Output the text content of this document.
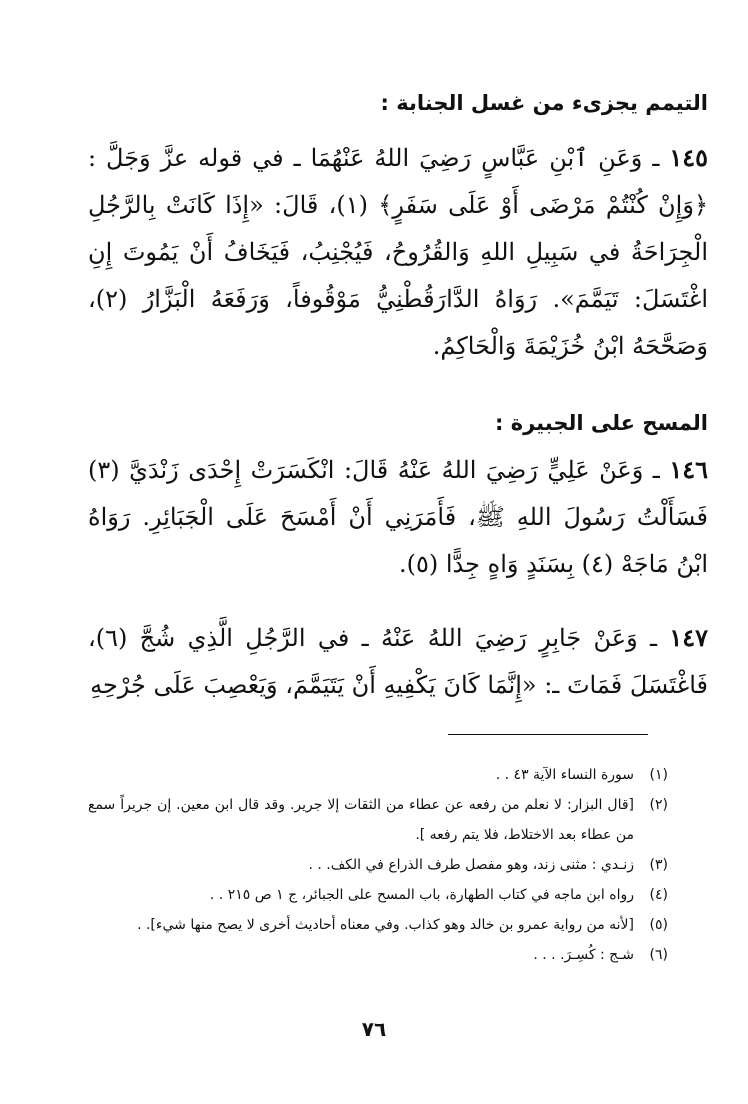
التيمم يجزىء من غسل الجنابة :
١٤٥ ـ وَعَنِ ٱبْنِ عَبَّاسٍ رَضِيَ اللهُ عَنْهُمَا ـ في قوله عزَّ وَجَلَّ : ﴿وَإِنْ كُنْتُمْ مَرْضَى أَوْ عَلَى سَفَرٍ﴾ (١)، قَالَ: «إِذَا كَانَتْ بِالرَّجُلِ الْجِرَاحَةُ في سَبِيلِ اللهِ وَالقُرُوحُ، فَيُجْنِبُ، فَيَخَافُ أَنْ يَمُوتَ إِنِ اغْتَسَلَ: تَيَمَّمَ». رَوَاهُ الدَّارَقُطْنِيُّ مَوْقُوفاً، وَرَفَعَهُ الْبَزَّارُ (٢)، وَصَحَّحَهُ ابْنُ خُزَيْمَةَ وَالْحَاكِمُ.
المسح على الجبيرة :
١٤٦ ـ وَعَنْ عَلِيٍّ رَضِيَ اللهُ عَنْهُ قَالَ: انْكَسَرَتْ إِحْدَى زَنْدَيَّ (٣) فَسَأَلْتُ رَسُولَ اللهِ ﷺ، فَأَمَرَنِي أَنْ أَمْسَحَ عَلَى الْجَبَائِرِ. رَوَاهُ ابْنُ مَاجَهْ (٤) بِسَنَدٍ وَاهٍ جِدًّا (٥).
١٤٧ ـ وَعَنْ جَابِرٍ رَضِيَ اللهُ عَنْهُ ـ في الرَّجُلِ الَّذِي شُجَّ (٦)، فَاغْتَسَلَ فَمَاتَ ـ: «إِنَّمَا كَانَ يَكْفِيهِ أَنْ يَتَيَمَّمَ، وَيَعْصِبَ عَلَى جُرْحِهِ
(١)
سورة النساء الآية ٤٣ . .
(٢)
[قال البزار: لا نعلم من رفعه عن عطاء من الثقات إلا جرير. وقد قال ابن معين. إن جريراً سمع من عطاء بعد الاختلاط، فلا يتم رفعه ].
(٣)
زنـدي : مثنى زند، وهو مفصل طرف الذراع في الكف. . .
(٤)
رواه ابن ماجه في كتاب الطهارة، باب المسح على الجبائر، ج ١ ص ٢١٥ . .
(٥)
[لأنه من رواية عمرو بن خالد وهو كذاب. وفي معناه أحاديث أخرى لا يصح منها شيء]. .
(٦)
شـج : كُسِـرَ. . . .
٧٦
